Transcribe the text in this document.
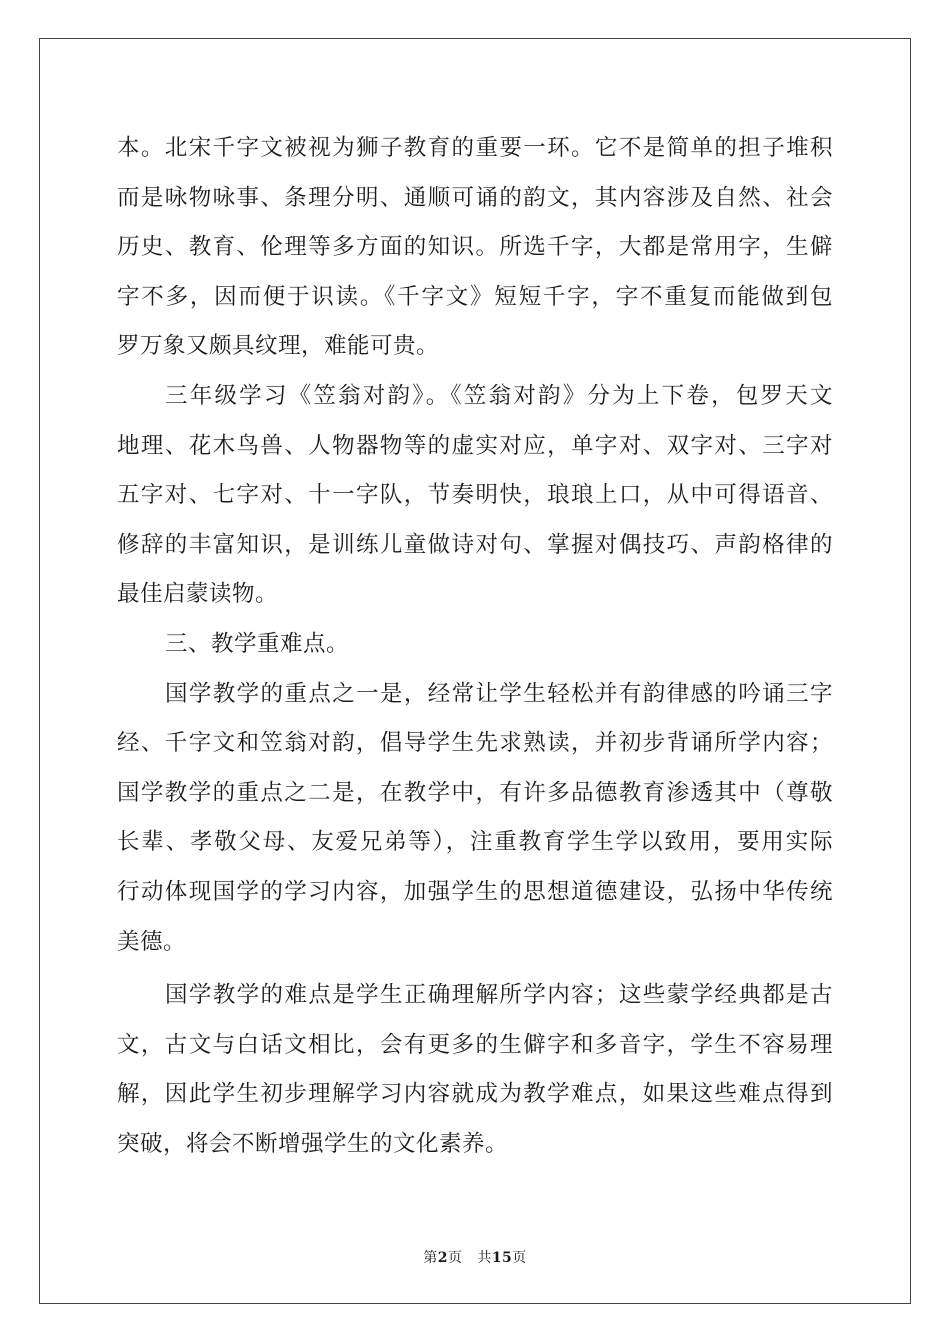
本。北宋千字文被视为狮子教育的重要一环。它不是简单的担子堆积
而是咏物咏事、条理分明、通顺可诵的韵文，其内容涉及自然、社会
历史、教育、伦理等多方面的知识。所选千字，大都是常用字，生僻
字不多，因而便于识读。《千字文》短短千字，字不重复而能做到包
罗万象又颇具纹理，难能可贵。
三年级学习《笠翁对韵》。《笠翁对韵》分为上下卷，包罗天文
地理、花木鸟兽、人物器物等的虚实对应，单字对、双字对、三字对
五字对、七字对、十一字队，节奏明快，琅琅上口，从中可得语音、
修辞的丰富知识，是训练儿童做诗对句、掌握对偶技巧、声韵格律的
最佳启蒙读物。
三、教学重难点。
国学教学的重点之一是，经常让学生轻松并有韵律感的吟诵三字
经、千字文和笠翁对韵，倡导学生先求熟读，并初步背诵所学内容；
国学教学的重点之二是，在教学中，有许多品德教育渗透其中（尊敬
长辈、孝敬父母、友爱兄弟等），注重教育学生学以致用，要用实际
行动体现国学的学习内容，加强学生的思想道德建设，弘扬中华传统
美德。
国学教学的难点是学生正确理解所学内容；这些蒙学经典都是古
文，古文与白话文相比，会有更多的生僻字和多音字，学生不容易理
解，因此学生初步理解学习内容就成为教学难点，如果这些难点得到
突破，将会不断增强学生的文化素养。
第2页 共15页
